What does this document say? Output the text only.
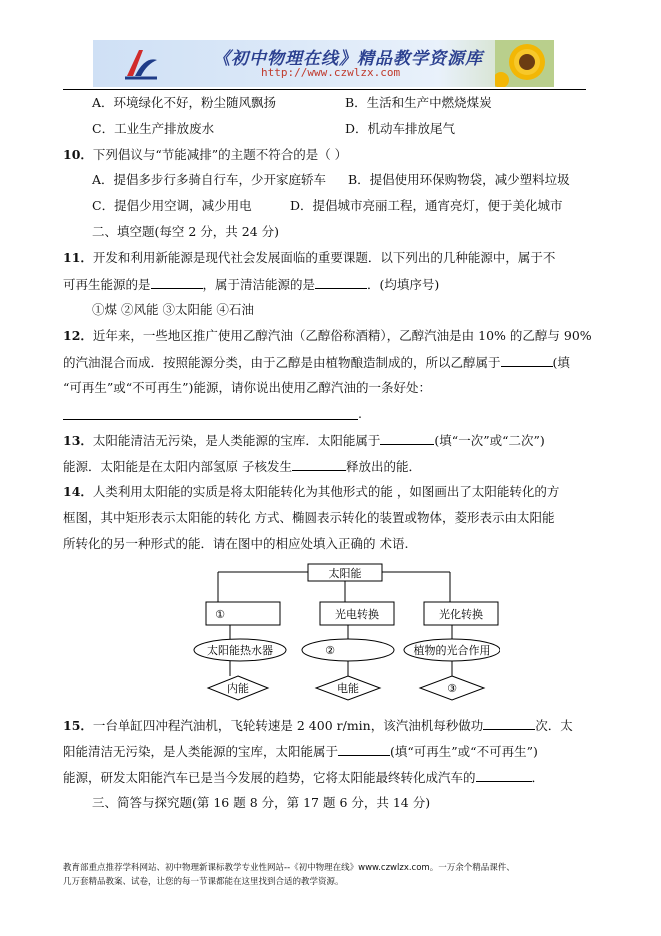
《初中物理在线》精品教学资源库
http://www.czwlzx.com
A．环境绿化不好，粉尘随风飘扬	B．生活和生产中燃烧煤炭
C．工业生产排放废水	D．机动车排放尾气
10．下列倡议与“节能减排”的主题不符合的是（ ）
A．提倡多步行多骑自行车，少开家庭轿车 B．提倡使用环保购物袋，减少塑料垃圾
C．提倡少用空调，减少用电	D．提倡城市亮丽工程，通宵亮灯，便于美化城市
二、填空题(每空 2 分，共 24 分)
11．开发和利用新能源是现代社会发展面临的重要课题．以下列出的几种能源中，属于不
可再生能源的是	，属于清洁能源的是	．(均填序号)
①煤 ②风能 ③太阳能 ④石油
12．近年来，一些地区推广使用乙醇汽油（乙醇俗称酒精），乙醇汽油是由 10% 的乙醇与 90%
的汽油混合而成．按照能源分类，由于乙醇是由植物酿造制成的，所以乙醇属于	(填
“可再生”或“不可再生”)能源，请你说出使用乙醇汽油的一条好处：
.
13．太阳能清洁无污染，是人类能源的宝库．太阳能属于	(填“一次”或“二次”)
能源．太阳能是在太阳内部氢原 子核发生	释放出的能．
14．人类利用太阳能的实质是将太阳能转化为其他形式的能 ，如图画出了太阳能转化的方
框图，其中矩形表示太阳能的转化 方式、椭圆表示转化的装置或物体，菱形表示由太阳能
所转化的另一种形式的能．请在图中的相应处填入正确的 术语.
太阳能
①	光电转换	光化转换
太阳能热水器	②	植物的光合作用
内能	电能	③
15．一台单缸四冲程汽油机，飞轮转速是 2 400 r/min，该汽油机每秒做功	次．太
阳能清洁无污染，是人类能源的宝库，太阳能属于	(填“可再生”或“不可再生”)
能源，研发太阳能汽车已是当今发展的趋势，它将太阳能最终转化成汽车的	．
三、简答与探究题(第 16 题 8 分，第 17 题 6 分，共 14 分)
教育部重点推荐学科网站、初中物理新课标教学专业性网站--《初中物理在线》www.czwlzx.com。一万余个精品课件、
几万套精品教案、试卷，让您的每一节课都能在这里找到合适的教学资源。
